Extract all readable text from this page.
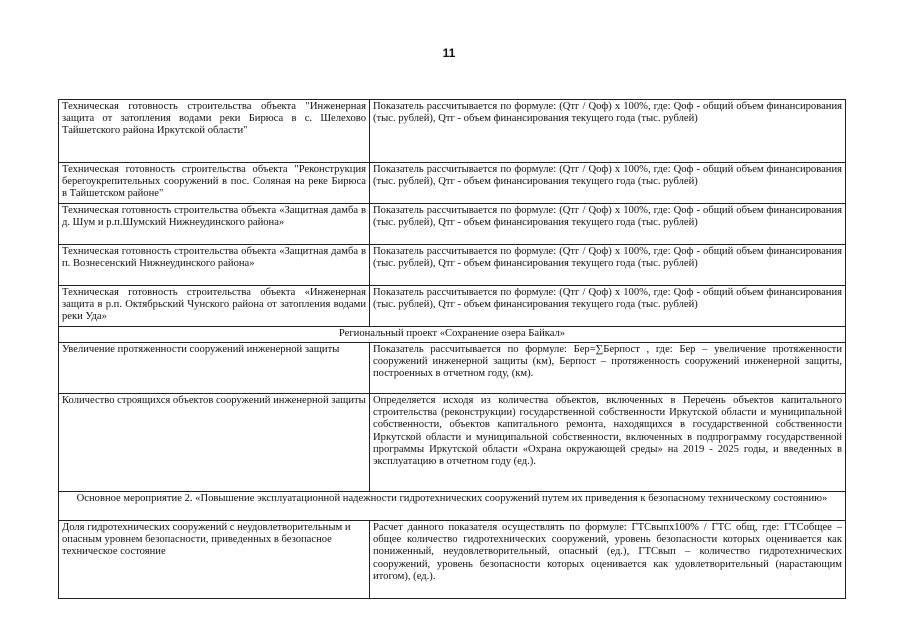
11
Техническая готовность строительства объекта "Инженерная защита от затопления водами реки Бирюса в с. Шелехово Тайшетского района Иркутской области"	Показатель рассчитывается по формуле: (Qтг / Qоф) х 100%, где: Qоф - общий объем финансирования (тыс. рублей), Qтг - объем финансирования текущего года (тыс. рублей)
Техническая готовность строительства объекта "Реконструкция берегоукрепительных сооружений в пос. Соляная на реке Бирюса в Тайшетском районе"	Показатель рассчитывается по формуле: (Qтг / Qоф) х 100%, где: Qоф - общий объем финансирования (тыс. рублей), Qтг - объем финансирования текущего года (тыс. рублей)
Техническая готовность строительства объекта «Защитная дамба в д. Шум и р.п.Шумский Нижнеудинского района»	Показатель рассчитывается по формуле: (Qтг / Qоф) х 100%, где: Qоф - общий объем финансирования (тыс. рублей), Qтг - объем финансирования текущего года (тыс. рублей)
Техническая готовность строительства объекта «Защитная дамба в п. Вознесенский Нижнеудинского района»	Показатель рассчитывается по формуле: (Qтг / Qоф) х 100%, где: Qоф - общий объем финансирования (тыс. рублей), Qтг - объем финансирования текущего года (тыс. рублей)
Техническая готовность строительства объекта «Инженерная защита в р.п. Октябрьский Чунского района от затопления водами реки Уда»	Показатель рассчитывается по формуле: (Qтг / Qоф) х 100%, где: Qоф - общий объем финансирования (тыс. рублей), Qтг - объем финансирования текущего года (тыс. рублей)
Региональный проект «Сохранение озера Байкал»	
Увеличение протяженности сооружений инженерной защиты	Показатель рассчитывается по формуле: Бер=∑Берпост , где: Бер – увеличение протяженности сооружений инженерной защиты (км), Берпост – протяженность сооружений инженерной защиты, построенных в отчетном году, (км).
Количество строящихся объектов сооружений инженерной защиты	Определяется исходя из количества объектов, включенных в Перечень объектов капитального строительства (реконструкции) государственной собственности Иркутской области и муниципальной собственности, объектов капитального ремонта, находящихся в государственной собственности Иркутской области и муниципальной собственности, включенных в подпрограмму государственной программы Иркутской области «Охрана окружающей среды» на 2019 - 2025 годы, и введенных в эксплуатацию в отчетном году (ед.).
Основное мероприятие 2. «Повышение эксплуатационной надежности гидротехнических сооружений путем их приведения к безопасному техническому состоянию»	
Доля гидротехнических сооружений с неудовлетворительным и опасным уровнем безопасности, приведенных в безопасное техническое состояние	Расчет данного показателя осуществлять по формуле: ГТСвыпх100% / ГТС общ, где: ГТСобщее – общее количество гидротехнических сооружений, уровень безопасности которых оценивается как пониженный, неудовлетворительный, опасный (ед.), ГТСвып – количество гидротехнических сооружений, уровень безопасности которых оценивается как удовлетворительный (нарастающим итогом), (ед.).
